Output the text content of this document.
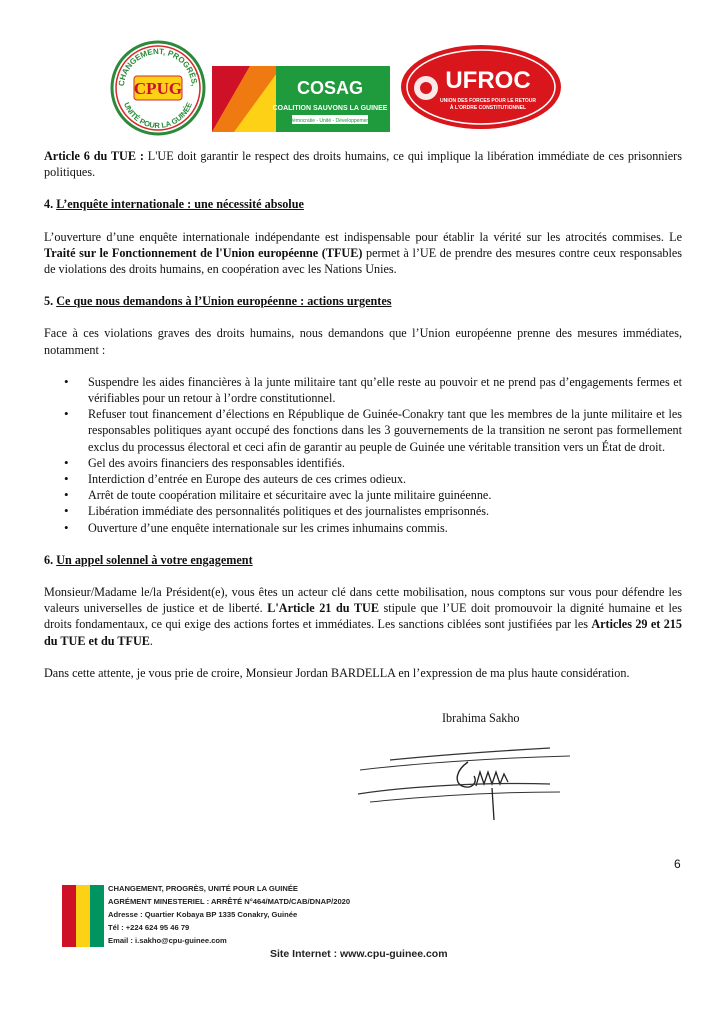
CHANGEMENT, PROGRÈS,
UNITÉ POUR LA GUINÉE
CPUG	COSAG
COALITION SAUVONS LA GUINEE
Démocratie - Unité - Développement
UFROC
UNION DES FORCES POUR LE RETOUR
À L'ORDRE CONSTITUTIONNEL

Article 6 du TUE : L'UE doit garantir le respect des droits humains, ce qui implique la libération immédiate de ces prisonniers politiques.

4. L’enquête internationale : une nécessité absolue

L’ouverture d’une enquête internationale indépendante est indispensable pour établir la vérité sur les atrocités commises. Le Traité sur le Fonctionnement de l'Union européenne (TFUE) permet à l’UE de prendre des mesures contre ceux responsables de violations des droits humains, en coopération avec les Nations Unies.

5. Ce que nous demandons à l’Union européenne : actions urgentes

Face à ces violations graves des droits humains, nous demandons que l’Union européenne prenne des mesures immédiates, notamment :

• Suspendre les aides financières à la junte militaire tant qu’elle reste au pouvoir et ne prend pas d’engagements fermes et vérifiables pour un retour à l’ordre constitutionnel.
• Refuser tout financement d’élections en République de Guinée-Conakry tant que les membres de la junte militaire et les responsables politiques ayant occupé des fonctions dans les 3 gouvernements de la transition ne seront pas formellement exclus du processus électoral et ceci afin de garantir au peuple de Guinée une véritable transition vers un État de droit.
• Gel des avoirs financiers des responsables identifiés.
• Interdiction d’entrée en Europe des auteurs de ces crimes odieux.
• Arrêt de toute coopération militaire et sécuritaire avec la junte militaire guinéenne.
• Libération immédiate des personnalités politiques et des journalistes emprisonnés.
• Ouverture d’une enquête internationale sur les crimes inhumains commis.
6. Un appel solennel à votre engagement

Monsieur/Madame le/la Président(e), vous êtes un acteur clé dans cette mobilisation, nous comptons sur vous pour défendre les valeurs universelles de justice et de liberté. L'Article 21 du TUE stipule que l’UE doit promouvoir la dignité humaine et les droits fondamentaux, ce qui exige des actions fortes et immédiates. Les sanctions ciblées sont justifiées par les Articles 29 et 215 du TUE et du TFUE.

Dans cette attente, je vous prie de croire, Monsieur Jordan BARDELLA en l’expression de ma plus haute considération.

Ibrahima Sakho
6
CHANGEMENT, PROGRÈS, UNITÉ POUR LA GUINÉE
AGRÉMENT MINESTERIEL : ARRÊTÉ N°464/MATD/CAB/DNAP/2020
Adresse : Quartier Kobaya BP 1335 Conakry, Guinée
Tél : +224 624 95 46 79
Email : i.sakho@cpu-guinee.com
Site Internet : www.cpu-guinee.com
